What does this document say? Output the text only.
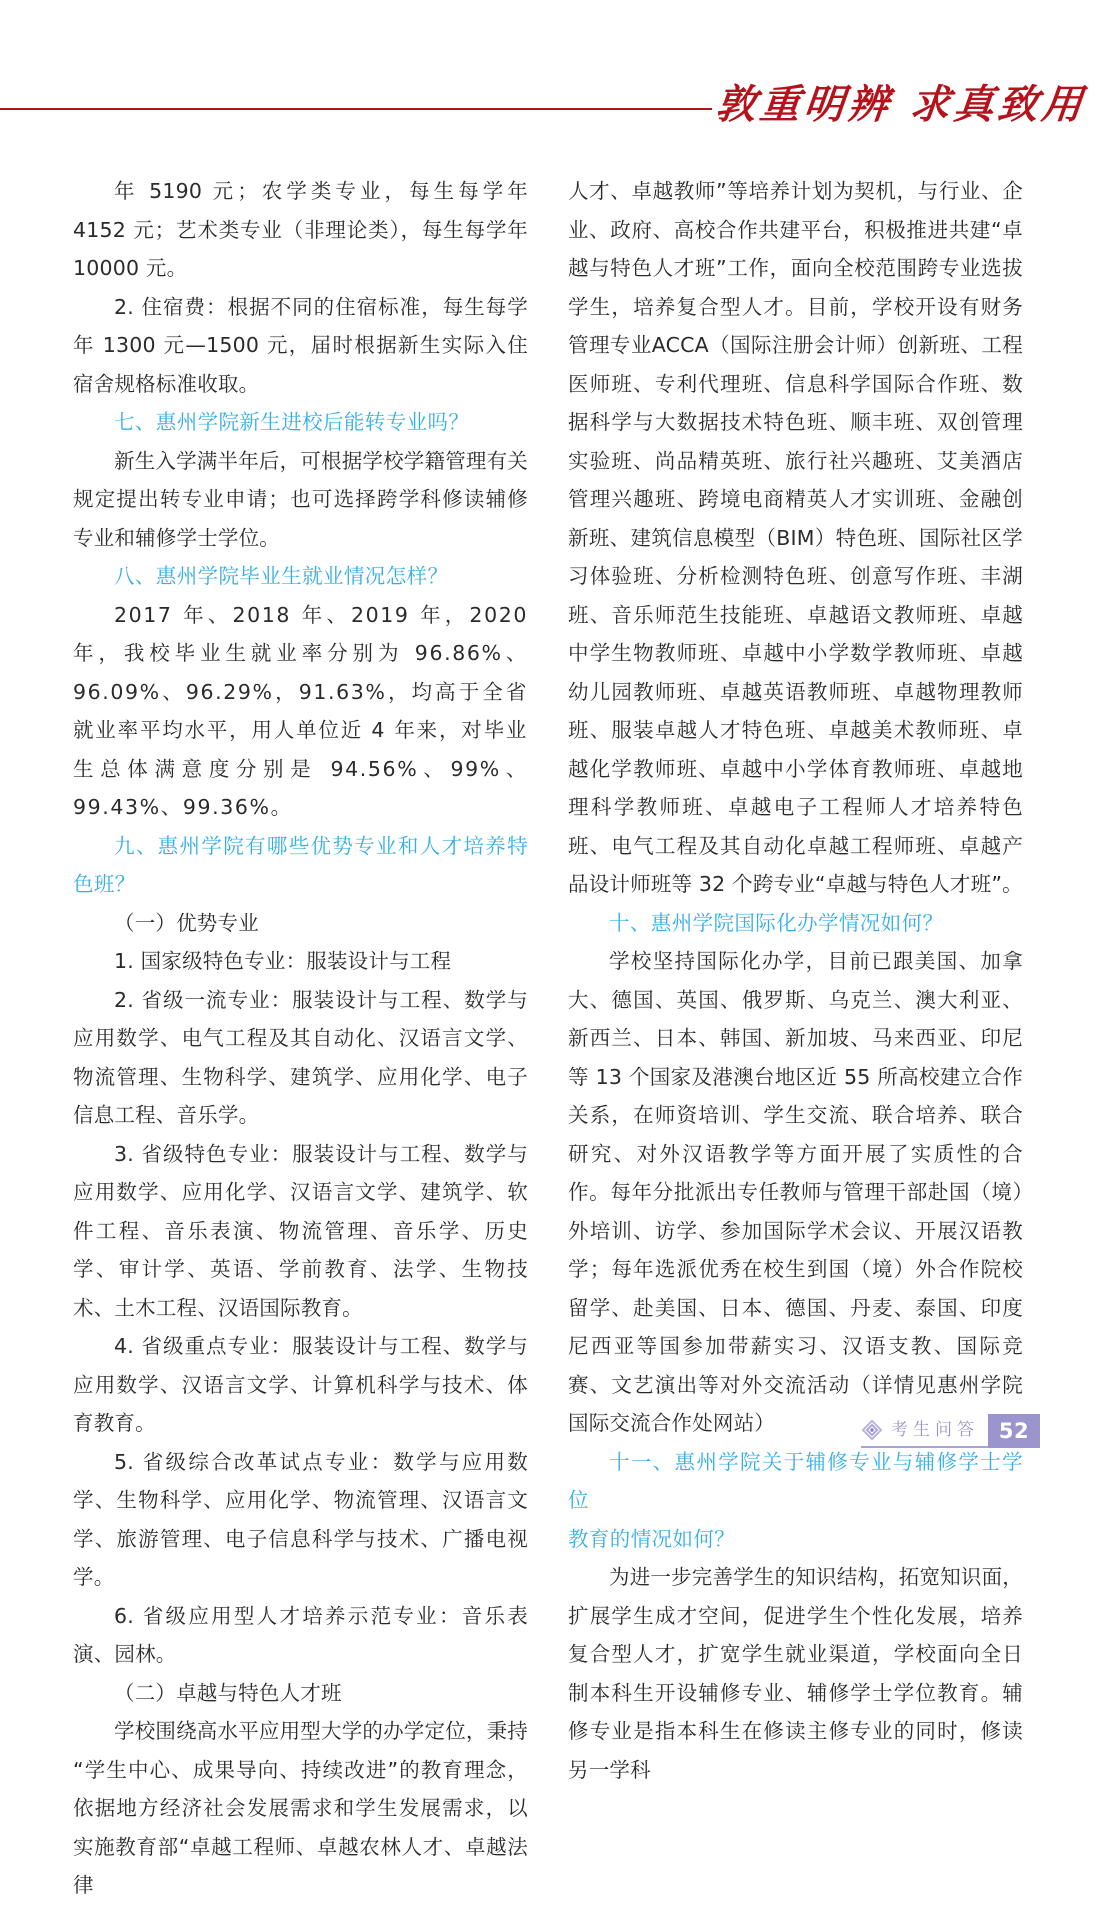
敦重明辨 求真致用

年 5190 元；农学类专业，每生每学年 4152 元；艺术类专业（非理论类），每生每学年 10000 元。

2. 住宿费：根据不同的住宿标准，每生每学年 1300 元—1500 元，届时根据新生实际入住宿舍规格标准收取。

七、惠州学院新生进校后能转专业吗？

新生入学满半年后，可根据学校学籍管理有关规定提出转专业申请；也可选择跨学科修读辅修专业和辅修学士学位。

八、惠州学院毕业生就业情况怎样？

2017 年、2018 年、2019 年，2020 年，我校毕业生就业率分别为 96.86%、96.09%、96.29%，91.63%，均高于全省就业率平均水平，用人单位近 4 年来，对毕业生总体满意度分别是 94.56%、99%、99.43%、99.36%。

九、惠州学院有哪些优势专业和人才培养特色班？

（一）优势专业

1. 国家级特色专业：服装设计与工程

2. 省级一流专业：服装设计与工程、数学与应用数学、电气工程及其自动化、汉语言文学、物流管理、生物科学、建筑学、应用化学、电子信息工程、音乐学。

3. 省级特色专业：服装设计与工程、数学与应用数学、应用化学、汉语言文学、建筑学、软件工程、音乐表演、物流管理、音乐学、历史学、审计学、英语、学前教育、法学、生物技术、土木工程、汉语国际教育。

4. 省级重点专业：服装设计与工程、数学与应用数学、汉语言文学、计算机科学与技术、体育教育。

5. 省级综合改革试点专业：数学与应用数学、生物科学、应用化学、物流管理、汉语言文学、旅游管理、电子信息科学与技术、广播电视学。

6. 省级应用型人才培养示范专业：音乐表演、园林。

（二）卓越与特色人才班

学校围绕高水平应用型大学的办学定位，秉持“学生中心、成果导向、持续改进”的教育理念，依据地方经济社会发展需求和学生发展需求，以实施教育部“卓越工程师、卓越农林人才、卓越法律

人才、卓越教师”等培养计划为契机，与行业、企业、政府、高校合作共建平台，积极推进共建“卓越与特色人才班”工作，面向全校范围跨专业选拔学生，培养复合型人才。目前，学校开设有财务管理专业ACCA（国际注册会计师）创新班、工程医师班、专利代理班、信息科学国际合作班、数据科学与大数据技术特色班、顺丰班、双创管理实验班、尚品精英班、旅行社兴趣班、艾美酒店管理兴趣班、跨境电商精英人才实训班、金融创新班、建筑信息模型（BIM）特色班、国际社区学习体验班、分析检测特色班、创意写作班、丰湖班、音乐师范生技能班、卓越语文教师班、卓越中学生物教师班、卓越中小学数学教师班、卓越幼儿园教师班、卓越英语教师班、卓越物理教师班、服装卓越人才特色班、卓越美术教师班、卓越化学教师班、卓越中小学体育教师班、卓越地理科学教师班、卓越电子工程师人才培养特色班、电气工程及其自动化卓越工程师班、卓越产品设计师班等 32 个跨专业“卓越与特色人才班”。

十、惠州学院国际化办学情况如何？

学校坚持国际化办学，目前已跟美国、加拿大、德国、英国、俄罗斯、乌克兰、澳大利亚、新西兰、日本、韩国、新加坡、马来西亚、印尼等 13 个国家及港澳台地区近 55 所高校建立合作关系，在师资培训、学生交流、联合培养、联合研究、对外汉语教学等方面开展了实质性的合作。每年分批派出专任教师与管理干部赴国（境）外培训、访学、参加国际学术会议、开展汉语教学；每年选派优秀在校生到国（境）外合作院校留学、赴美国、日本、德国、丹麦、泰国、印度尼西亚等国参加带薪实习、汉语支教、国际竞赛、文艺演出等对外交流活动（详情见惠州学院国际交流合作处网站）

十一、惠州学院关于辅修专业与辅修学士学位

教育的情况如何？

为进一步完善学生的知识结构，拓宽知识面，扩展学生成才空间，促进学生个性化发展，培养复合型人才，扩宽学生就业渠道，学校面向全日制本科生开设辅修专业、辅修学士学位教育。辅修专业是指本科生在修读主修专业的同时，修读另一学科

考生问答 52
